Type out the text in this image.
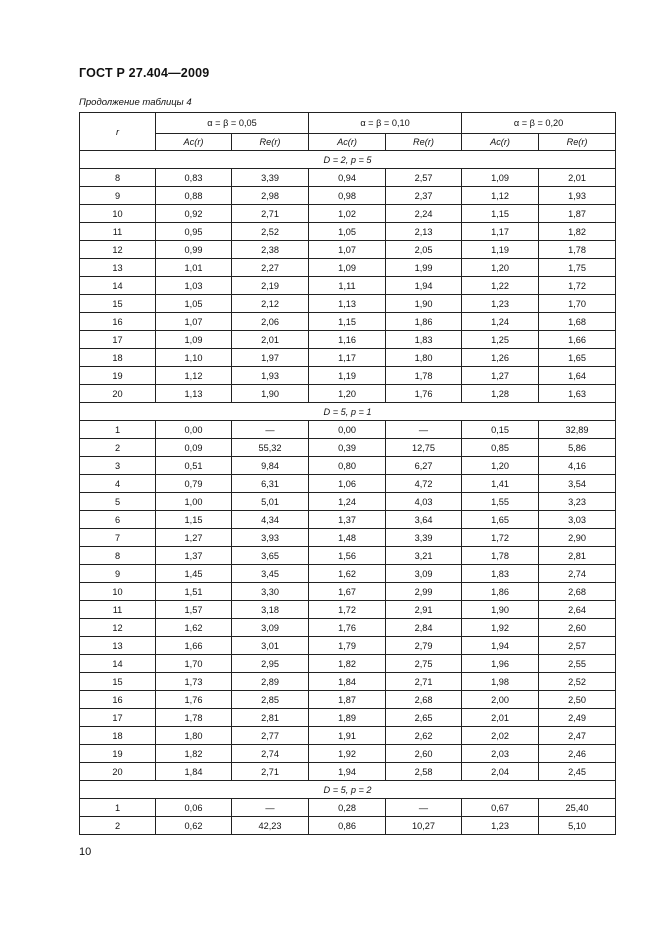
ГОСТ Р 27.404—2009
Продолжение таблицы 4
r	α = β = 0,05		α = β = 0,10		α = β = 0,20	
	Ac(r)	Re(r)	Ac(r)	Re(r)	Ac(r)	Re(r)
D = 2, p = 5						
8	0,83	3,39	0,94	2,57	1,09	2,01
9	0,88	2,98	0,98	2,37	1,12	1,93
10	0,92	2,71	1,02	2,24	1,15	1,87
11	0,95	2,52	1,05	2,13	1,17	1,82
12	0,99	2,38	1,07	2,05	1,19	1,78
13	1,01	2,27	1,09	1,99	1,20	1,75
14	1,03	2,19	1,11	1,94	1,22	1,72
15	1,05	2,12	1,13	1,90	1,23	1,70
16	1,07	2,06	1,15	1,86	1,24	1,68
17	1,09	2,01	1,16	1,83	1,25	1,66
18	1,10	1,97	1,17	1,80	1,26	1,65
19	1,12	1,93	1,19	1,78	1,27	1,64
20	1,13	1,90	1,20	1,76	1,28	1,63
D = 5, p = 1						
1	0,00	—	0,00	—	0,15	32,89
2	0,09	55,32	0,39	12,75	0,85	5,86
3	0,51	9,84	0,80	6,27	1,20	4,16
4	0,79	6,31	1,06	4,72	1,41	3,54
5	1,00	5,01	1,24	4,03	1,55	3,23
6	1,15	4,34	1,37	3,64	1,65	3,03
7	1,27	3,93	1,48	3,39	1,72	2,90
8	1,37	3,65	1,56	3,21	1,78	2,81
9	1,45	3,45	1,62	3,09	1,83	2,74
10	1,51	3,30	1,67	2,99	1,86	2,68
11	1,57	3,18	1,72	2,91	1,90	2,64
12	1,62	3,09	1,76	2,84	1,92	2,60
13	1,66	3,01	1,79	2,79	1,94	2,57
14	1,70	2,95	1,82	2,75	1,96	2,55
15	1,73	2,89	1,84	2,71	1,98	2,52
16	1,76	2,85	1,87	2,68	2,00	2,50
17	1,78	2,81	1,89	2,65	2,01	2,49
18	1,80	2,77	1,91	2,62	2,02	2,47
19	1,82	2,74	1,92	2,60	2,03	2,46
20	1,84	2,71	1,94	2,58	2,04	2,45
D = 5, p = 2						
1	0,06	—	0,28	—	0,67	25,40
2	0,62	42,23	0,86	10,27	1,23	5,10
10
